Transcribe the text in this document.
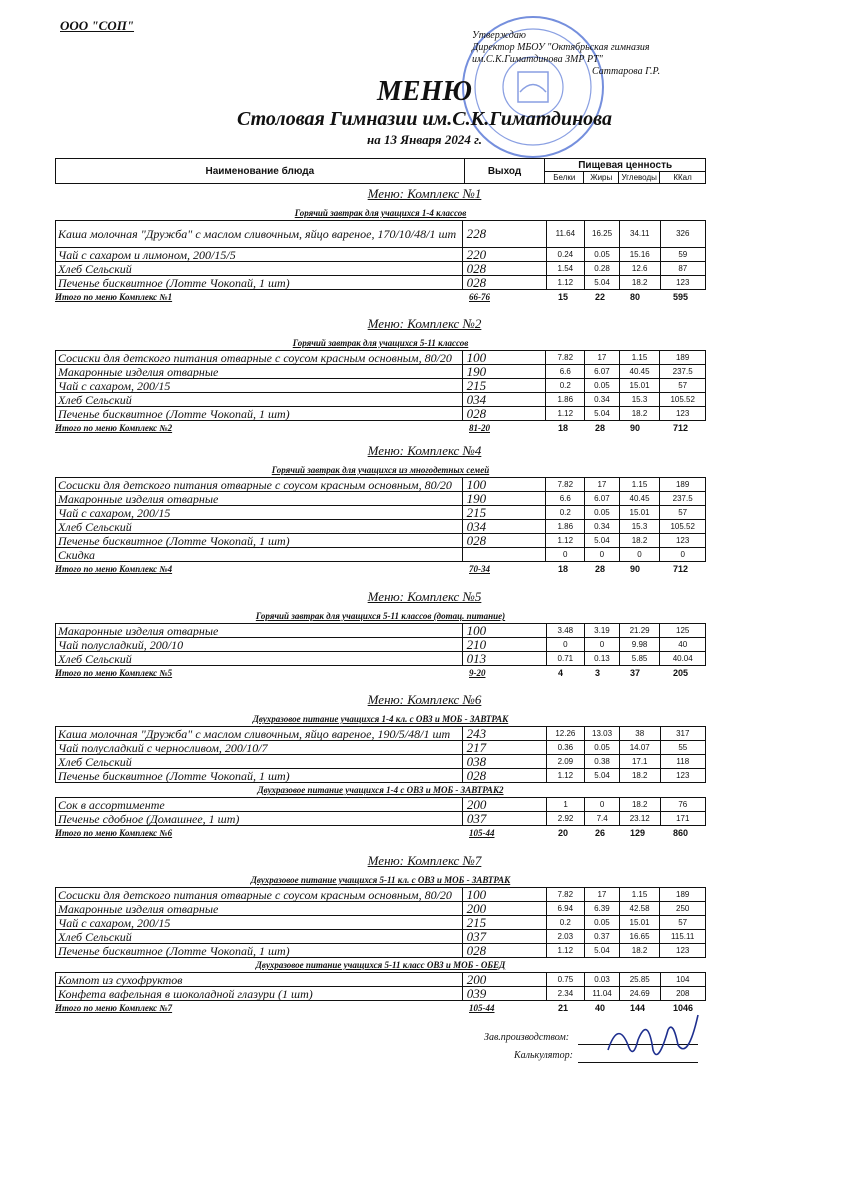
ООО "СОП"
Утверждаю
Директор МБОУ "Октябрьская гимназия
им.С.К.Гиматдинова ЗМР РТ"
Саттарова Г.Р.
МЕНЮ
Столовая Гимназии им.С.К.Гиматдинова
на 13 Января 2024 г.
Наименование блюда	Выход	Пищевая ценность			
		Белки	Жиры	Углеводы	ККал
Меню: Комплекс №1
Горячий завтрак для учащихся 1-4 классов
Каша молочная "Дружба" с маслом сливочным, яйцо вареное, 170/10/48/1 шт	228	11.64	16.25	34.11	326
Чай с сахаром и лимоном, 200/15/5	220	0.24	0.05	15.16	59
Хлеб Сельский	028	1.54	0.28	12.6	87
Печенье бисквитное (Лотте Чокопай, 1 шт)	028	1.12	5.04	18.2	123
Итого по меню Комплекс №1	66-76	15	22	80	595
Меню: Комплекс №2
Горячий завтрак для учащихся 5-11 классов
Сосиски для детского питания отварные с соусом красным основным, 80/20	100	7.82	17	1.15	189
Макаронные изделия отварные	190	6.6	6.07	40.45	237.5
Чай с сахаром, 200/15	215	0.2	0.05	15.01	57
Хлеб Сельский	034	1.86	0.34	15.3	105.52
Печенье бисквитное (Лотте Чокопай, 1 шт)	028	1.12	5.04	18.2	123
Итого по меню Комплекс №2	81-20	18	28	90	712
Меню: Комплекс №4
Горячий завтрак для учащихся из многодетных семей
Сосиски для детского питания отварные с соусом красным основным, 80/20	100	7.82	17	1.15	189
Макаронные изделия отварные	190	6.6	6.07	40.45	237.5
Чай с сахаром, 200/15	215	0.2	0.05	15.01	57
Хлеб Сельский	034	1.86	0.34	15.3	105.52
Печенье бисквитное (Лотте Чокопай, 1 шт)	028	1.12	5.04	18.2	123
Скидка		0	0	0	0
Итого по меню Комплекс №4	70-34	18	28	90	712
Меню: Комплекс №5
Горячий завтрак для учащихся 5-11 классов (дотац. питание)
Макаронные изделия отварные	100	3.48	3.19	21.29	125
Чай полусладкий, 200/10	210	0	0	9.98	40
Хлеб Сельский	013	0.71	0.13	5.85	40.04
Итого по меню Комплекс №5	9-20	4	3	37	205
Меню: Комплекс №6
Двухразовое питание учащихся 1-4 кл. с ОВЗ и МОБ - ЗАВТРАК
Каша молочная "Дружба" с маслом сливочным, яйцо вареное, 190/5/48/1 шт	243	12.26	13.03	38	317
Чай полусладкий с черносливом, 200/10/7	217	0.36	0.05	14.07	55
Хлеб Сельский	038	2.09	0.38	17.1	118
Печенье бисквитное (Лотте Чокопай, 1 шт)	028	1.12	5.04	18.2	123
Двухразовое питание учащихся 1-4 с ОВЗ и МОБ - ЗАВТРАК2
Сок в ассортименте	200	1	0	18.2	76
Печенье сдобное (Домашнее, 1 шт)	037	2.92	7.4	23.12	171
Итого по меню Комплекс №6	105-44	20	26	129	860
Меню: Комплекс №7
Двухразовое питание учащихся 5-11 кл. с ОВЗ и МОБ - ЗАВТРАК
Сосиски для детского питания отварные с соусом красным основным, 80/20	100	7.82	17	1.15	189
Макаронные изделия отварные	200	6.94	6.39	42.58	250
Чай с сахаром, 200/15	215	0.2	0.05	15.01	57
Хлеб Сельский	037	2.03	0.37	16.65	115.11
Печенье бисквитное (Лотте Чокопай, 1 шт)	028	1.12	5.04	18.2	123
Двухразовое питание учащихся 5-11 класс ОВЗ и МОБ - ОБЕД
Компот из сухофруктов	200	0.75	0.03	25.85	104
Конфета вафельная в шоколадной глазури (1 шт)	039	2.34	11.04	24.69	208
Итого по меню Комплекс №7	105-44	21	40	144	1046
Зав.производством:
Калькулятор:
